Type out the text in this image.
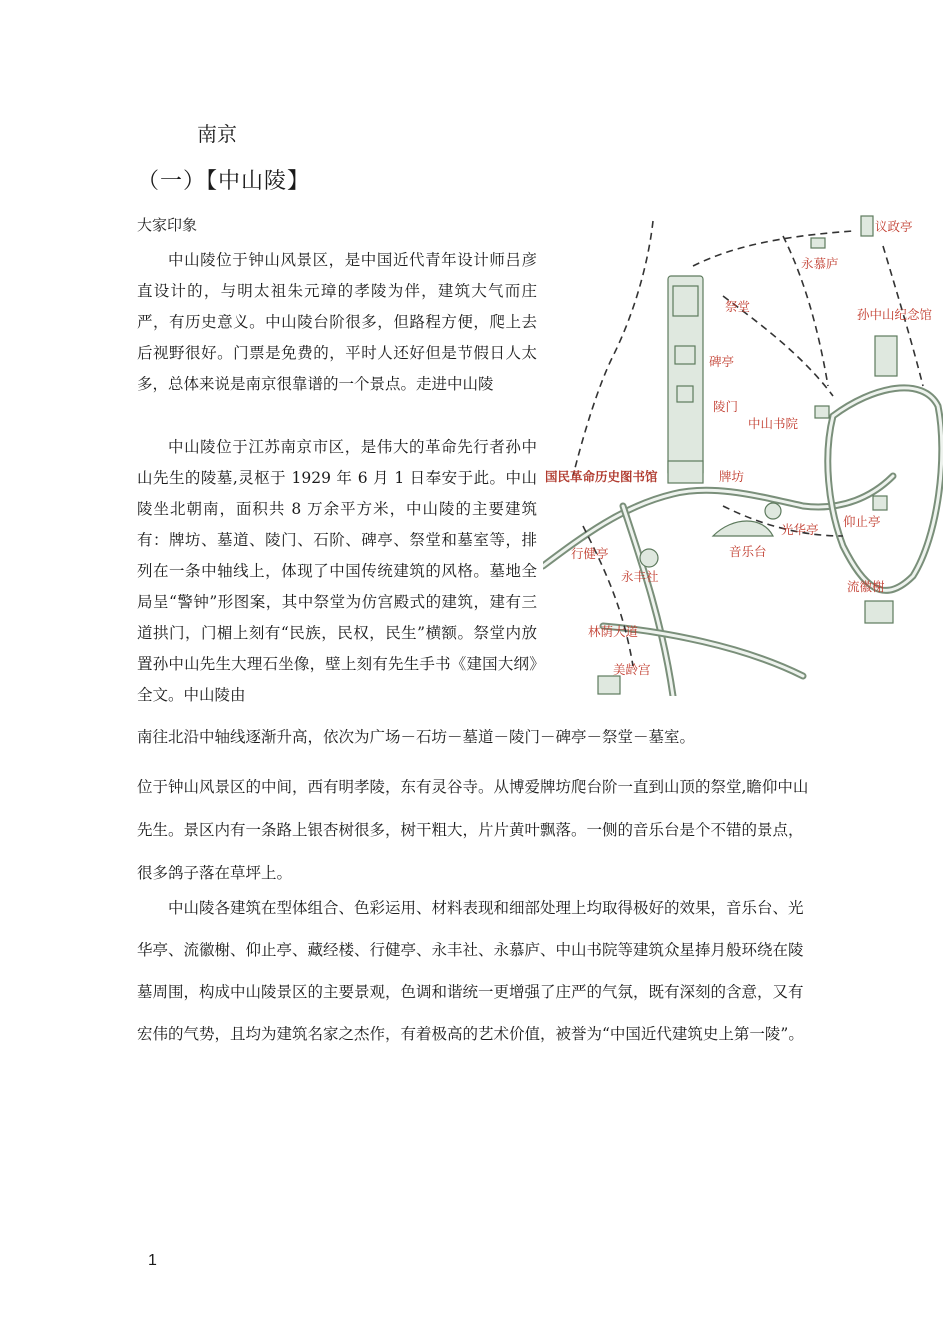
南京
（一）【中山陵】
大家印象

中山陵位于钟山风景区，是中国近代青年设计师吕彦直设计的，与明太祖朱元璋的孝陵为伴，建筑大气而庄严，有历史意义。中山陵台阶很多，但路程方便，爬上去后视野很好。门票是免费的，平时人还好但是节假日人太多，总体来说是南京很靠谱的一个景点。走进中山陵

中山陵位于江苏南京市区，是伟大的革命先行者孙中山先生的陵墓,灵枢于 1929 年 6 月 1 日奉安于此。中山陵坐北朝南，面积共 8 万余平方米，中山陵的主要建筑有：牌坊、墓道、陵门、石阶、碑亭、祭堂和墓室等，排列在一条中轴线上，体现了中国传统建筑的风格。墓地全局呈“警钟”形图案，其中祭堂为仿宫殿式的建筑，建有三道拱门，门楣上刻有“民族，民权，民生”横额。祭堂内放置孙中山先生大理石坐像，壁上刻有先生手书《建国大纲》全文。中山陵由

南往北沿中轴线逐渐升高，依次为广场－石坊－墓道－陵门－碑亭－祭堂－墓室。

位于钟山风景区的中间，西有明孝陵，东有灵谷寺。从博爱牌坊爬台阶一直到山顶的祭堂,瞻仰中山先生。景区内有一条路上银杏树很多，树干粗大，片片黄叶飘落。一侧的音乐台是个不错的景点，很多鸽子落在草坪上。

中山陵各建筑在型体组合、色彩运用、材料表现和细部处理上均取得极好的效果，音乐台、光华亭、流徽榭、仰止亭、藏经楼、行健亭、永丰社、永慕庐、中山书院等建筑众星捧月般环绕在陵墓周围，构成中山陵景区的主要景观，色调和谐统一更增强了庄严的气氛，既有深刻的含意，又有宏伟的气势，且均为建筑名家之杰作，有着极高的艺术价值，被誉为“中国近代建筑史上第一陵”。

1
议政亭
永慕庐
祭堂
孙中山纪念馆
碑亭
陵门
中山书院
国民革命历史图书馆	牌坊
光华亭
仰止亭
行健亭	音乐台
永丰社
流徽榭
林荫大道
美龄宫
